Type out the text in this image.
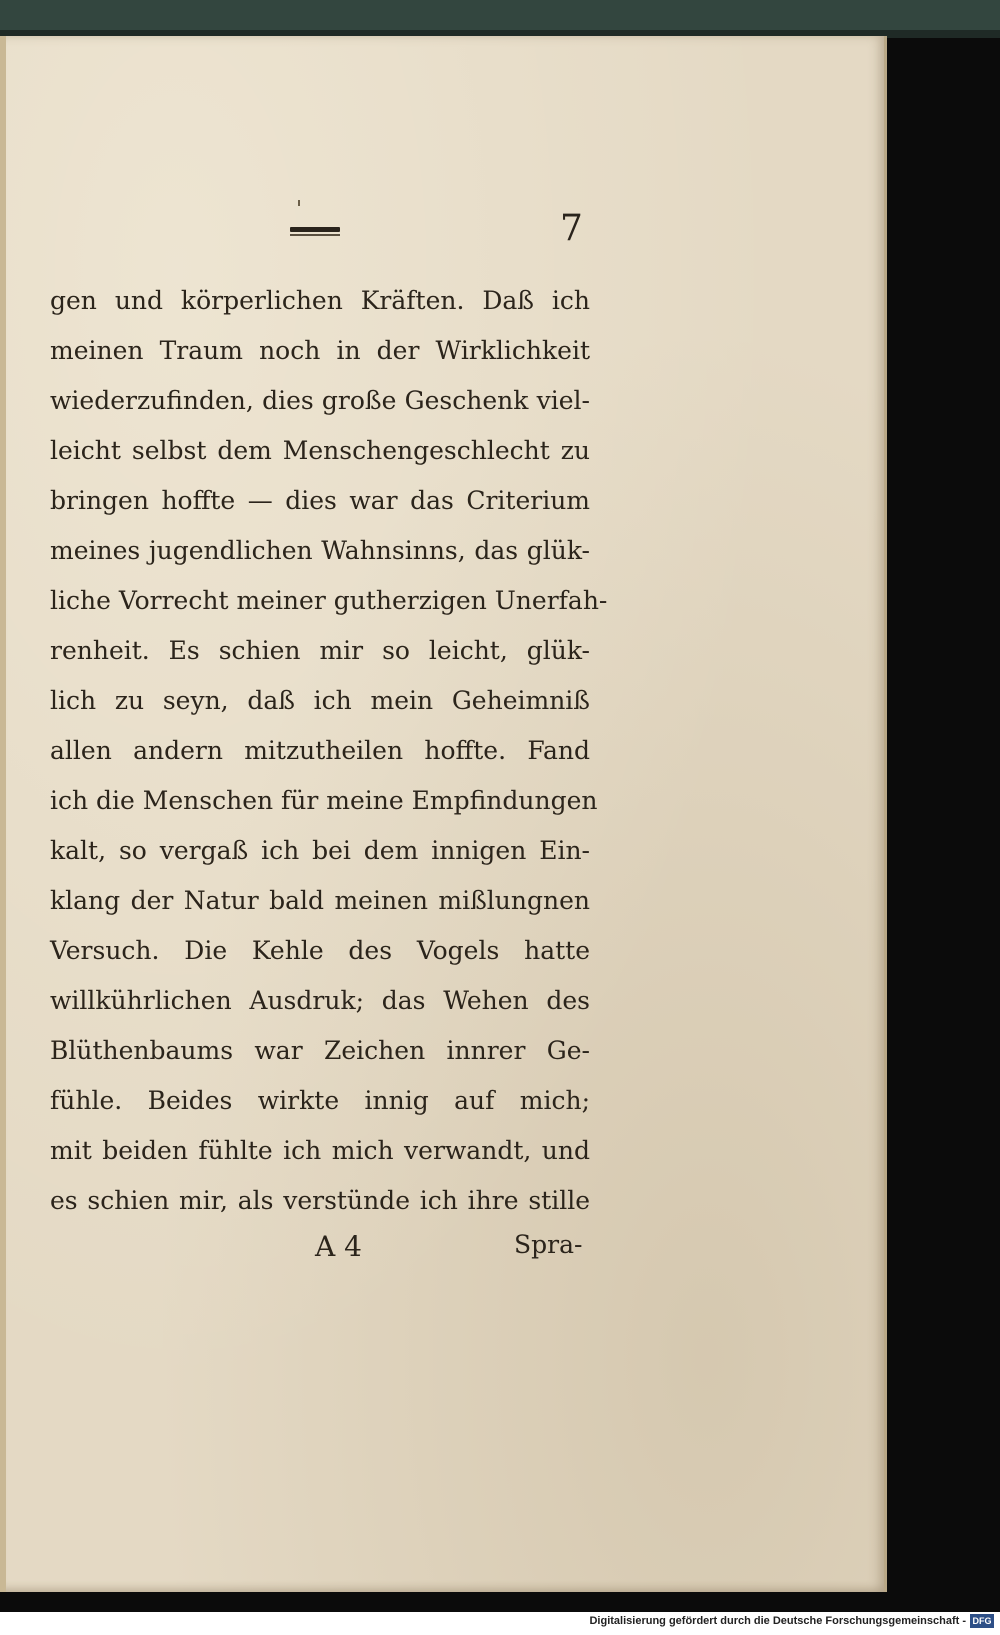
7
gen und körperlichen Kräften. Daß ich
meinen Traum noch in der Wirklichkeit
wiederzufinden, dies große Geschenk viel-
leicht selbst dem Menschengeschlecht zu
bringen hoffte — dies war das Criterium
meines jugendlichen Wahnsinns, das glük-
liche Vorrecht meiner gutherzigen Unerfah-
renheit. Es schien mir so leicht, glük-
lich zu seyn, daß ich mein Geheimniß
allen andern mitzutheilen hoffte. Fand
ich die Menschen für meine Empfindungen
kalt, so vergaß ich bei dem innigen Ein-
klang der Natur bald meinen mißlungnen
Versuch. Die Kehle des Vogels hatte
willkührlichen Ausdruk; das Wehen des
Blüthenbaums war Zeichen innrer Ge-
fühle. Beides wirkte innig auf mich;
mit beiden fühlte ich mich verwandt, und
es schien mir, als verstünde ich ihre stille
A 4	Spra-
Digitalisierung gefördert durch die Deutsche Forschungsgemeinschaft - DFG
